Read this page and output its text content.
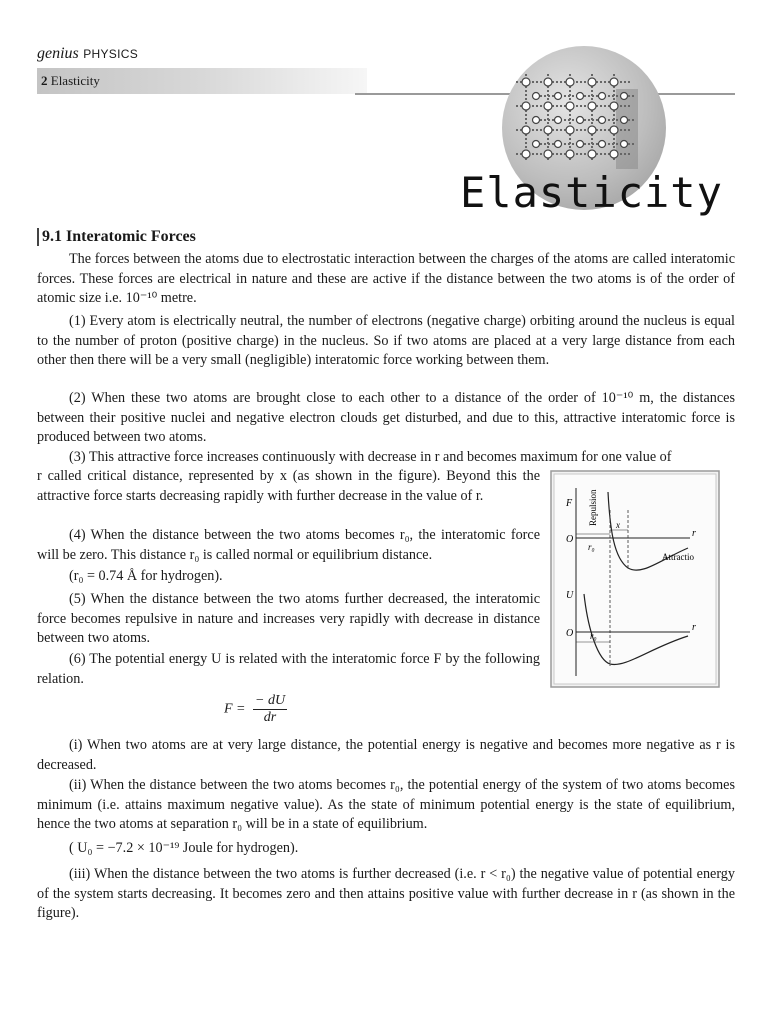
genius PHYSICS
2 Elasticity
Elasticity
9.1 Interatomic Forces
The forces between the atoms due to electrostatic interaction between the charges of the atoms are called interatomic forces. These forces are electrical in nature and these are active if the distance between the two atoms is of the order of atomic size i.e. 10⁻¹⁰ metre.
(1) Every atom is electrically neutral, the number of electrons (negative charge) orbiting around the nucleus is equal to the number of proton (positive charge) in the nucleus. So if two atoms are placed at a very large distance from each other then there will be a very small (negligible) interatomic force working between them.
(2) When these two atoms are brought close to each other to a distance of the order of 10⁻¹⁰ m, the distances between their positive nuclei and negative electron clouds get disturbed, and due to this, attractive interatomic force is produced between two atoms.
(3) This attractive force increases continuously with decrease in r and becomes maximum for one value of
r called critical distance, represented by x (as shown in the figure). Beyond this the attractive force starts decreasing rapidly with further decrease in the value of r.
(4) When the distance between the two atoms becomes r₀, the interatomic force will be zero. This distance r₀ is called normal or equilibrium distance.
(r₀ = 0.74 Å for hydrogen).
(5) When the distance between the two atoms further decreased, the interatomic force becomes repulsive in nature and increases very rapidly with decrease in distance between two atoms.
(6) The potential energy U is related with the interatomic force F by the following relation.
$F = \frac{- dU}{dr}$
(i) When two atoms are at very large distance, the potential energy is negative and becomes more negative as r is decreased.
(ii) When the distance between the two atoms becomes r₀, the potential energy of the system of two atoms becomes minimum (i.e. attains maximum negative value). As the state of minimum potential energy is the state of equilibrium, hence the two atoms at separation r₀ will be in a state of equilibrium.
( U₀ = −7.2 × 10⁻¹⁹ Joule for hydrogen).
(iii) When the distance between the two atoms is further decreased (i.e. r < r₀) the negative value of potential energy of the system starts decreasing. It becomes zero and then attains positive value with further decrease in r (as shown in the figure).
F
O
r
x
r₀
Attractio
Repulsion
U
O
r
r₀
